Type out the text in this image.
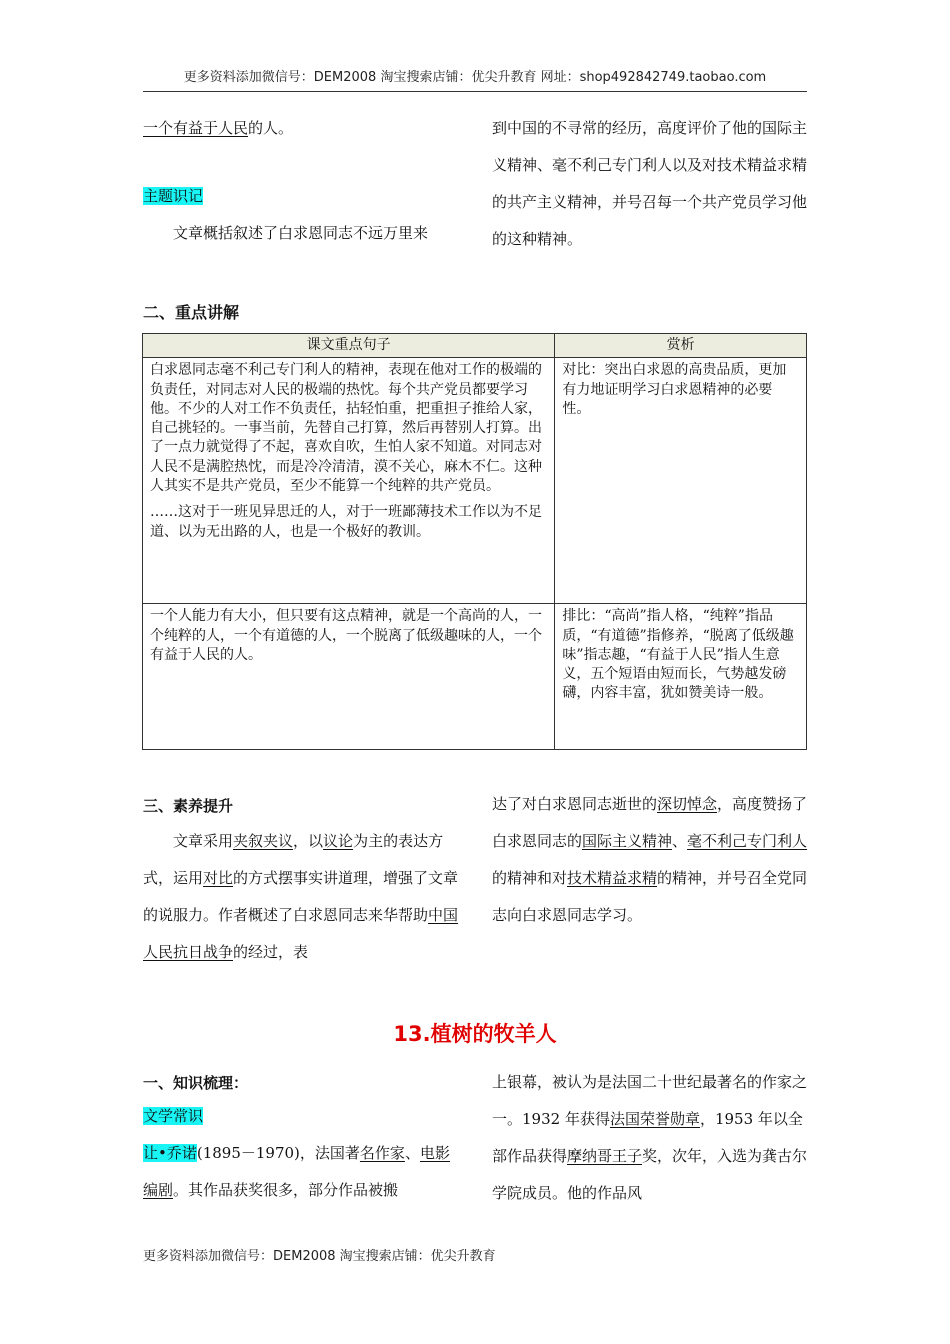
更多资料添加微信号：DEM2008 淘宝搜索店铺：优尖升教育 网址：shop492842749.taobao.com

一个有益于人民的人。

主题识记

文章概括叙述了白求恩同志不远万里来

到中国的不寻常的经历，高度评价了他的国际主义精神、毫不利己专门利人以及对技术精益求精的共产主义精神，并号召每一个共产党员学习他的这种精神。

二、重点讲解
课文重点句子	赏析

白求恩同志毫不利己专门利人的精神，表现在他对工作的极端的负责任，对同志对人民的极端的热忱。每个共产党员都要学习他。不少的人对工作不负责任，拈轻怕重，把重担子推给人家，自己挑轻的。一事当前，先替自己打算，然后再替别人打算。出了一点力就觉得了不起，喜欢自吹，生怕人家不知道。对同志对人民不是满腔热忱，而是冷冷清清，漠不关心，麻木不仁。这种人其实不是共产党员，至少不能算一个纯粹的共产党员。

……这对于一班见异思迁的人，对于一班鄙薄技术工作以为不足道、以为无出路的人，也是一个极好的教训。	对比：突出白求恩的高贵品质，更加有力地证明学习白求恩精神的必要性。

一个人能力有大小，但只要有这点精神，就是一个高尚的人，一个纯粹的人，一个有道德的人，一个脱离了低级趣味的人，一个有益于人民的人。	排比：“高尚”指人格，“纯粹”指品质，“有道德”指修养，“脱离了低级趣味”指志趣，“有益于人民”指人生意义，五个短语由短而长，气势越发磅礴，内容丰富，犹如赞美诗一般。
三、素养提升

文章采用夹叙夹议，以议论为主的表达方式，运用对比的方式摆事实讲道理，增强了文章的说服力。作者概述了白求恩同志来华帮助中国人民抗日战争的经过，表

达了对白求恩同志逝世的深切悼念，高度赞扬了白求恩同志的国际主义精神、毫不利己专门利人的精神和对技术精益求精的精神，并号召全党同志向白求恩同志学习。

13.植树的牧羊人
一、知识梳理：

文学常识

让•乔诺(1895－1970)，法国著名作家、电影编剧。其作品获奖很多，部分作品被搬

上银幕，被认为是法国二十世纪最著名的作家之一。1932 年获得法国荣誉勋章，1953 年以全部作品获得摩纳哥王子奖，次年，入选为龚古尔学院成员。他的作品风

更多资料添加微信号：DEM2008 淘宝搜索店铺：优尖升教育
